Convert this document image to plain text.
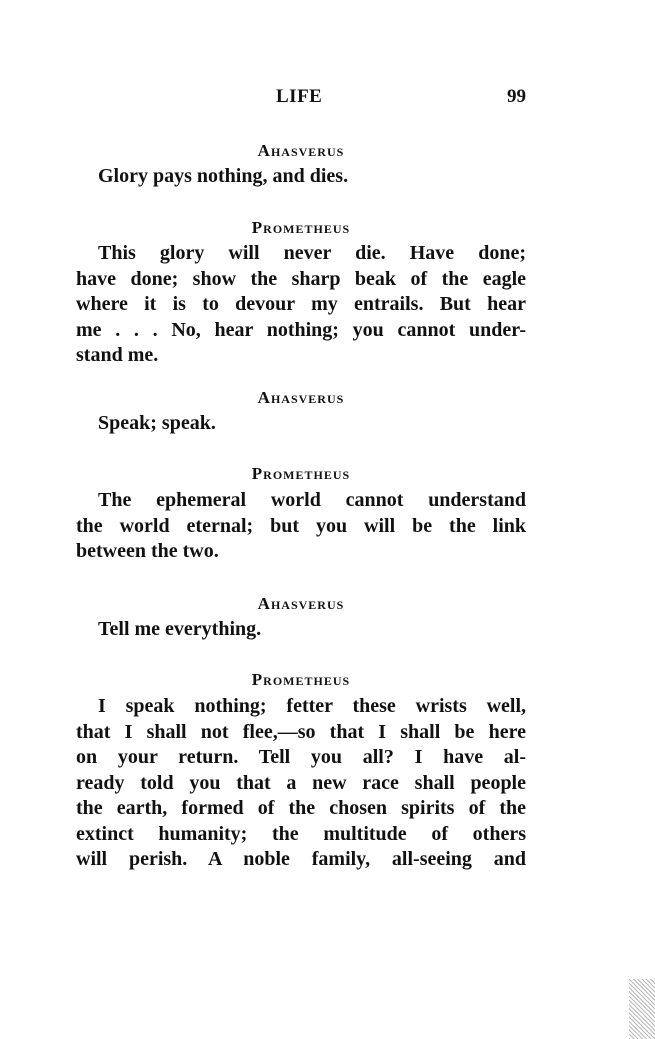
LIFE	99
Ahasverus
Glory pays nothing, and dies.
Prometheus
This glory will never die. Have done;
have done; show the sharp beak of the eagle
where it is to devour my entrails. But hear
me . . . No, hear nothing; you cannot under-
stand me.
Ahasverus
Speak; speak.
Prometheus
The ephemeral world cannot understand
the world eternal; but you will be the link
between the two.
Ahasverus
Tell me everything.
Prometheus
I speak nothing; fetter these wrists well,
that I shall not flee,—so that I shall be here
on your return. Tell you all? I have al-
ready told you that a new race shall people
the earth, formed of the chosen spirits of the
extinct humanity; the multitude of others
will perish. A noble family, all-seeing and
